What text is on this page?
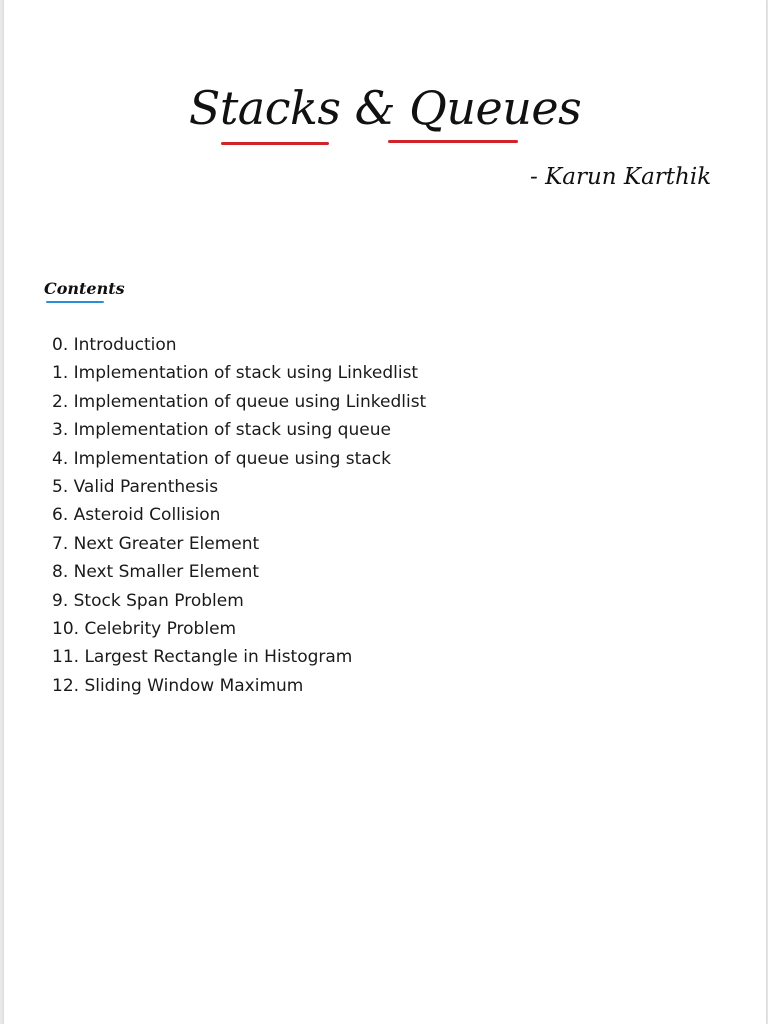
Stacks & Queues
- Karun Karthik
Contents
0. Introduction
1. Implementation of stack using Linkedlist
2. Implementation of queue using Linkedlist
3. Implementation of stack using queue
4. Implementation of queue using stack
5. Valid Parenthesis
6. Asteroid Collision
7. Next Greater Element
8. Next Smaller Element
9. Stock Span Problem
10. Celebrity Problem
11. Largest Rectangle in Histogram
12. Sliding Window Maximum
